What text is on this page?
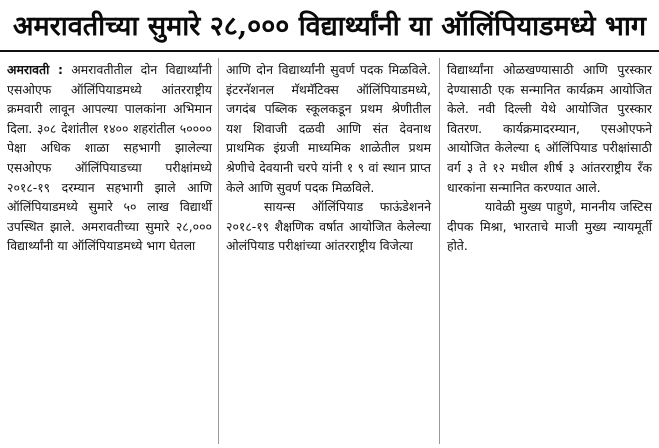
अमरावतीच्या सुमारे २८,००० विद्यार्थ्यांनी या ऑलिंपियाडमध्ये भाग

अमरावती : अमरावतीतील दोन विद्यार्थ्यांनी एसओएफ ऑलिंपियाडमध्ये आंतरराष्ट्रीय क्रमवारी लावून आपल्या पालकांना अभिमान दिला. ३०८ देशांतील १४०० शहरांतील ५०००० पेक्षा अधिक शाळा सहभागी झालेल्या एसओएफ ऑलिंपियाडच्या परीक्षांमध्ये २०१८-१९ दरम्यान सहभागी झाले आणि ऑलिंपियाडमध्ये सुमारे ५० लाख विद्यार्थी उपस्थित झाले. अमरावतीच्या सुमारे २८,००० विद्यार्थ्यांनी या ऑलिंपियाडमध्ये भाग घेतला

आणि दोन विद्यार्थ्यांनी सुवर्ण पदक मिळविले. इंटरनॅशनल मॅथमॅटिक्स ऑलिंपियाडमध्ये, जगदंब पब्लिक स्कूलकडून प्रथम श्रेणीतील यश शिवाजी दळवी आणि संत देवनाथ प्राथमिक इंग्रजी माध्यमिक शाळेतील प्रथम श्रेणीचे देवयानी चरपे यांनी १ ९ वां स्थान प्राप्त केले आणि सुवर्ण पदक मिळविले.

सायन्स ऑलिंपियाड फाऊंडेशनने २०१८-१९ शैक्षणिक वर्षात आयोजित केलेल्या ओलंपियाड परीक्षांच्या आंतरराष्ट्रीय विजेत्या

विद्यार्थ्यांना ओळखण्यासाठी आणि पुरस्कार देण्यासाठी एक सन्मानित कार्यक्रम आयोजित केले. नवी दिल्ली येथे आयोजित पुरस्कार वितरण. कार्यक्रमादरम्यान, एसओएफने आयोजित केलेल्या ६ ऑलिंपियाड परीक्षांसाठी वर्ग ३ ते १२ मधील शीर्ष ३ आंतरराष्ट्रीय रँक धारकांना सन्मानित करण्यात आले.

यावेळी मुख्य पाहुणे, माननीय जस्टिस दीपक मिश्रा, भारताचे माजी मुख्य न्यायमूर्ती होते.
